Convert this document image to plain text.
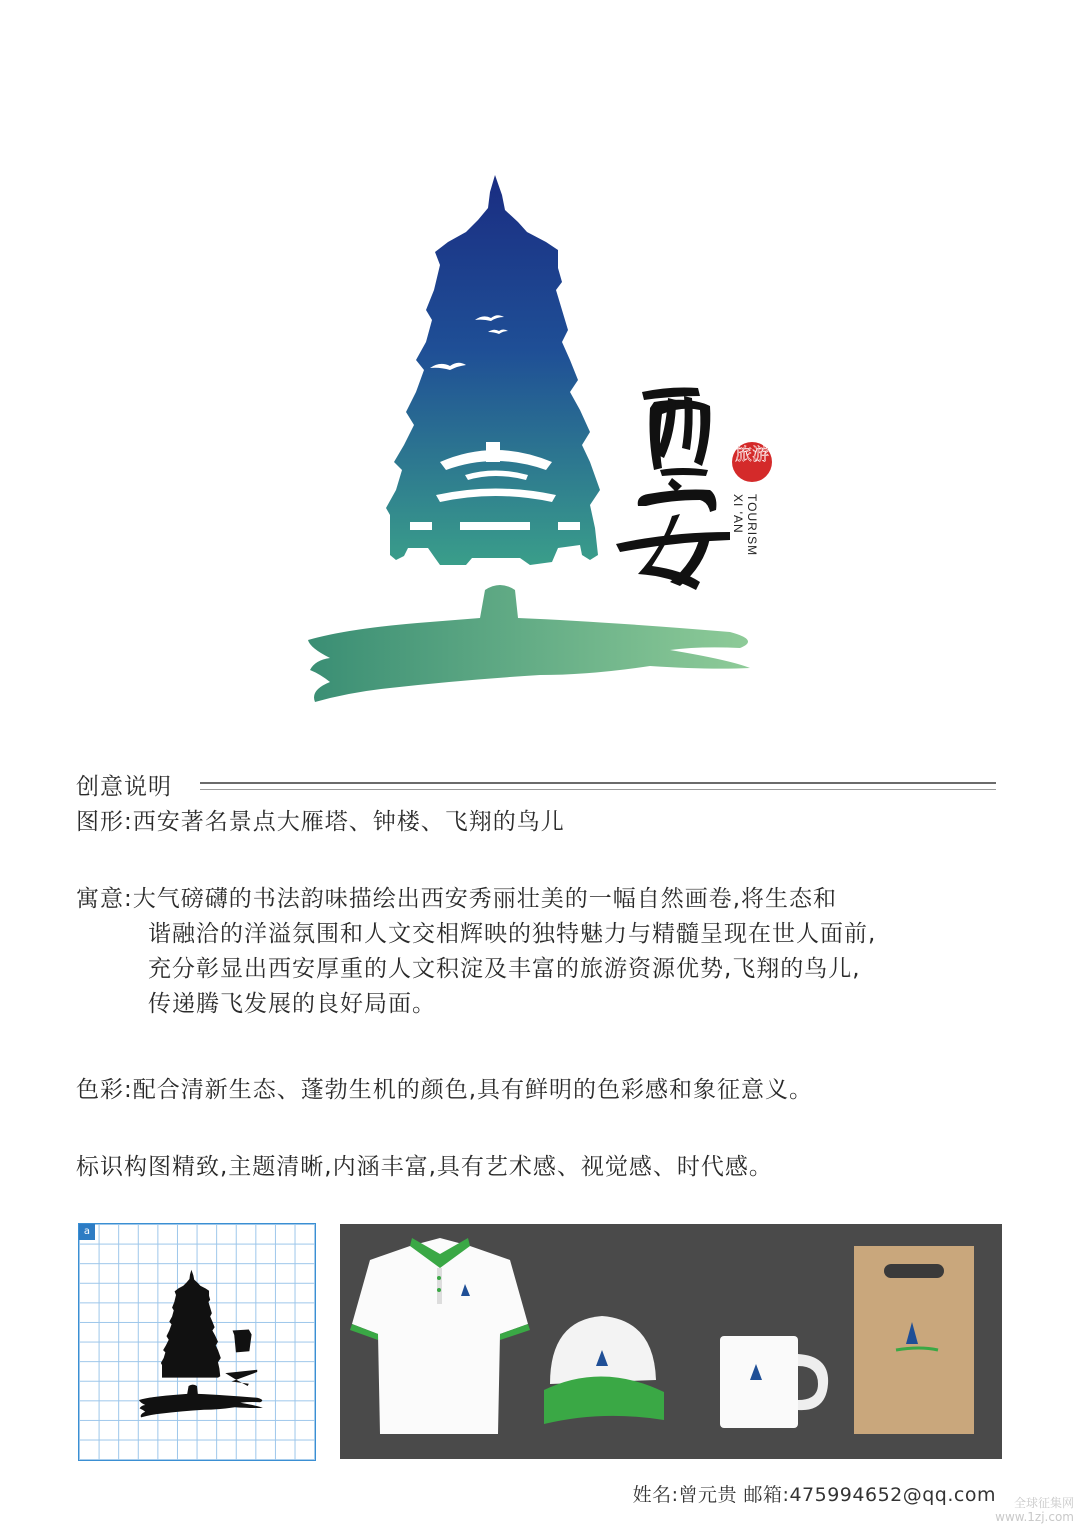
旅游
XI 'AN TOURISM
创意说明
图形:西安著名景点大雁塔、钟楼、飞翔的鸟儿
寓意:大气磅礴的书法韵味描绘出西安秀丽壮美的一幅自然画卷,将生态和
谐融洽的洋溢氛围和人文交相辉映的独特魅力与精髓呈现在世人面前,
充分彰显出西安厚重的人文积淀及丰富的旅游资源优势,飞翔的鸟儿,
传递腾飞发展的良好局面。
色彩:配合清新生态、蓬勃生机的颜色,具有鲜明的色彩感和象征意义。
标识构图精致,主题清晰,内涵丰富,具有艺术感、视觉感、时代感。
a
姓名:曾元贵 邮箱:475994652@qq.com	全球征集网
www.1zj.com
